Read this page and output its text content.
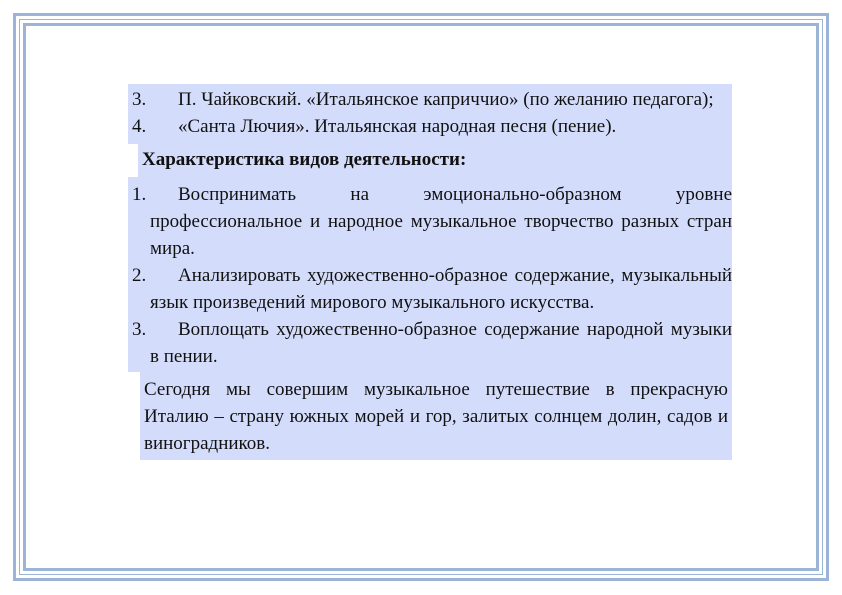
3. П. Чайковский. «Итальянское каприччио» (по желанию педагога);
4. «Санта Лючия». Итальянская народная песня (пение).
Характеристика видов деятельности:
1. Воспринимать на эмоционально-образном уровне профессиональное и народное музыкальное творчество разных стран мира.
2. Анализировать художественно-образное содержание, музыкальный язык произведений мирового музыкального искусства.
3. Воплощать художественно-образное содержание народной музыки в пении.
Сегодня мы совершим музыкальное путешествие в прекрасную Италию – страну южных морей и гор, залитых солнцем долин, садов и виноградников.
